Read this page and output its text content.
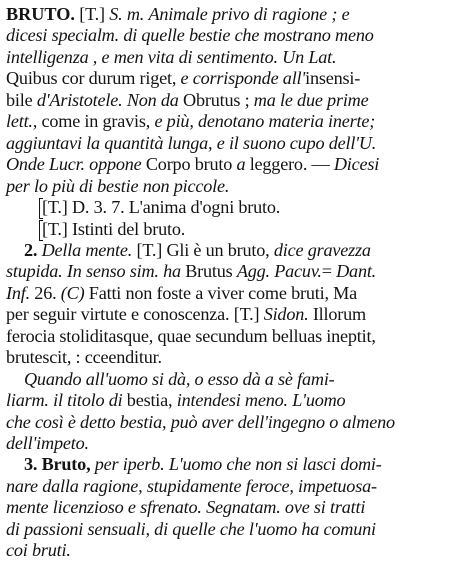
BRUTO. [T.] S. m. Animale privo di ragione ; e
dicesi specialm. di quelle bestie che mostrano meno
intelligenza , e men vita di sentimento. Un Lat.
Quibus cor durum riget, e corrisponde all'insensi-
bile d'Aristotele. Non da Obrutus ; ma le due prime
lett., come in gravis, e più, denotano materia inerte;
aggiuntavi la quantità lunga, e il suono cupo dell'U.
Onde Lucr. oppone Corpo bruto a leggero. — Dicesi
per lo più di bestie non piccole.
[T.] D. 3. 7. L'anima d'ogni bruto.
[T.] Istinti del bruto.
2. Della mente. [T.] Gli è un bruto, dice gravezza
stupida. In senso sim. ha Brutus Agg. Pacuv.= Dant.
Inf. 26. (C) Fatti non foste a viver come bruti, Ma
per seguir virtute e conoscenza. [T.] Sidon. Illorum
ferocia stoliditasque, quae secundum belluas ineptit,
brutescit, : cceenditur.
Quando all'uomo si dà, o esso dà a sè fami-
liarm. il titolo di bestia, intendesi meno. L'uomo
che così è detto bestia, può aver dell'ingegno o almeno
dell'impeto.
3. Bruto, per iperb. L'uomo che non si lasci domi-
nare dalla ragione, stupidamente feroce, impetuosa-
mente licenzioso e sfrenato. Segnatam. ove si tratti
di passioni sensuali, di quelle che l'uomo ha comuni
coi bruti.
